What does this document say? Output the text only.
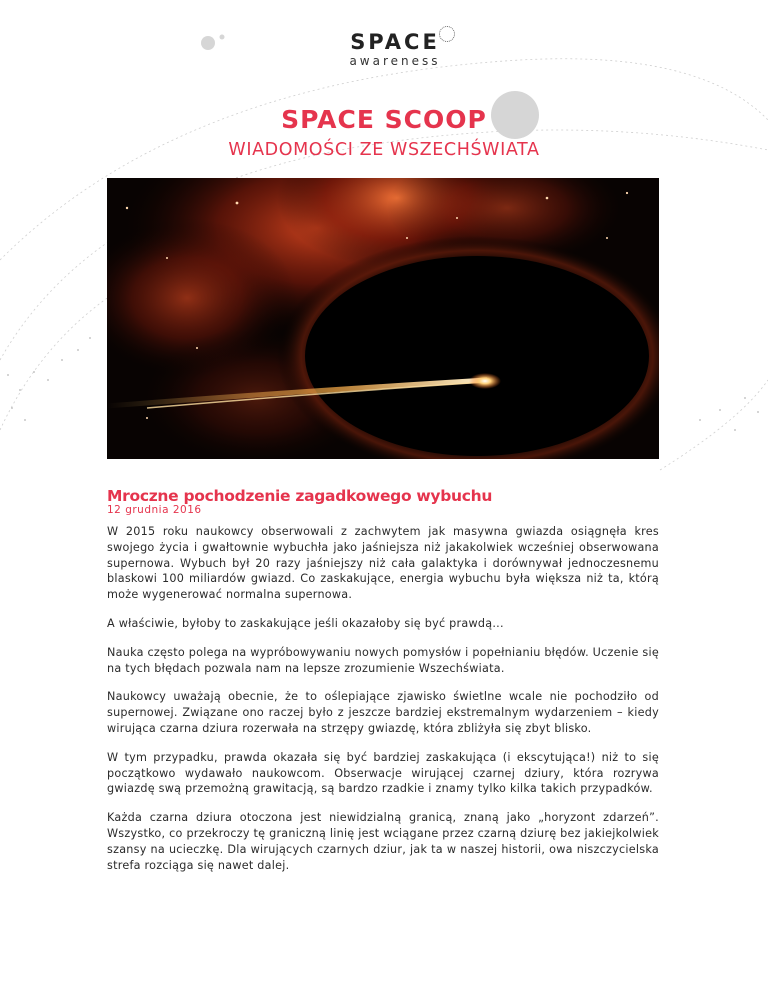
SPACE
awareness
SPACE SCOOP
WIADOMOŚCI ZE WSZECHŚWIATA
Mroczne pochodzenie zagadkowego wybuchu
12 grudnia 2016

W 2015 roku naukowcy obserwowali z zachwytem jak masywna gwiazda osiągnęła kres swojego życia i gwałtownie wybuchła jako jaśniejsza niż jakakolwiek wcześniej obserwowana supernowa. Wybuch był 20 razy jaśniejszy niż cała galaktyka i dorównywał jednoczesnemu blaskowi 100 miliardów gwiazd. Co zaskakujące, energia wybuchu była większa niż ta, którą może wygenerować normalna supernowa.

A właściwie, byłoby to zaskakujące jeśli okazałoby się być prawdą...

Nauka często polega na wypróbowywaniu nowych pomysłów i popełnianiu błędów. Uczenie się na tych błędach pozwala nam na lepsze zrozumienie Wszechświata.

Naukowcy uważają obecnie, że to oślepiające zjawisko świetlne wcale nie pochodziło od supernowej. Związane ono raczej było z jeszcze bardziej ekstremalnym wydarzeniem – kiedy wirująca czarna dziura rozerwała na strzępy gwiazdę, która zbliżyła się zbyt blisko.

W tym przypadku, prawda okazała się być bardziej zaskakująca (i ekscytująca!) niż to się początkowo wydawało naukowcom. Obserwacje wirującej czarnej dziury, która rozrywa gwiazdę swą przemożną grawitacją, są bardzo rzadkie i znamy tylko kilka takich przypadków.

Każda czarna dziura otoczona jest niewidzialną granicą, znaną jako „horyzont zdarzeń”. Wszystko, co przekroczy tę graniczną linię jest wciągane przez czarną dziurę bez jakiejkolwiek szansy na ucieczkę. Dla wirujących czarnych dziur, jak ta w naszej historii, owa niszczycielska strefa rozciąga się nawet dalej.
